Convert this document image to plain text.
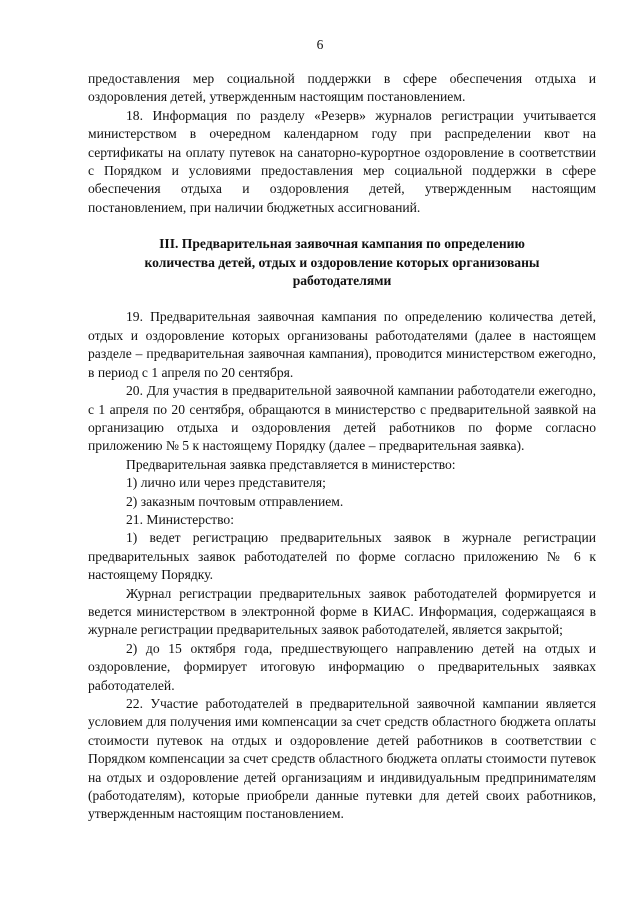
6

предоставления мер социальной поддержки в сфере обеспечения отдыха и оздоровления детей, утвержденным настоящим постановлением.

18. Информация по разделу «Резерв» журналов регистрации учитывается министерством в очередном календарном году при распределении квот на сертификаты на оплату путевок на санаторно-курортное оздоровление в соответствии с Порядком и условиями предоставления мер социальной поддержки в сфере обеспечения отдыха и оздоровления детей, утвержденным настоящим постановлением, при наличии бюджетных ассигнований.

III. Предварительная заявочная кампания по определению
количества детей, отдых и оздоровление которых организованы
работодателями

19. Предварительная заявочная кампания по определению количества детей, отдых и оздоровление которых организованы работодателями (далее в настоящем разделе – предварительная заявочная кампания), проводится министерством ежегодно, в период с 1 апреля по 20 сентября.

20. Для участия в предварительной заявочной кампании работодатели ежегодно, с 1 апреля по 20 сентября, обращаются в министерство с предварительной заявкой на организацию отдыха и оздоровления детей работников по форме согласно приложению № 5 к настоящему Порядку (далее – предварительная заявка).

Предварительная заявка представляется в министерство:

1) лично или через представителя;

2) заказным почтовым отправлением.

21. Министерство:

1) ведет регистрацию предварительных заявок в журнале регистрации предварительных заявок работодателей по форме согласно приложению № 6 к настоящему Порядку.

Журнал регистрации предварительных заявок работодателей формируется и ведется министерством в электронной форме в КИАС. Информация, содержащаяся в журнале регистрации предварительных заявок работодателей, является закрытой;

2) до 15 октября года, предшествующего направлению детей на отдых и оздоровление, формирует итоговую информацию о предварительных заявках работодателей.

22. Участие работодателей в предварительной заявочной кампании является условием для получения ими компенсации за счет средств областного бюджета оплаты стоимости путевок на отдых и оздоровление детей работников в соответствии с Порядком компенсации за счет средств областного бюджета оплаты стоимости путевок на отдых и оздоровление детей организациям и индивидуальным предпринимателям (работодателям), которые приобрели данные путевки для детей своих работников, утвержденным настоящим постановлением.
